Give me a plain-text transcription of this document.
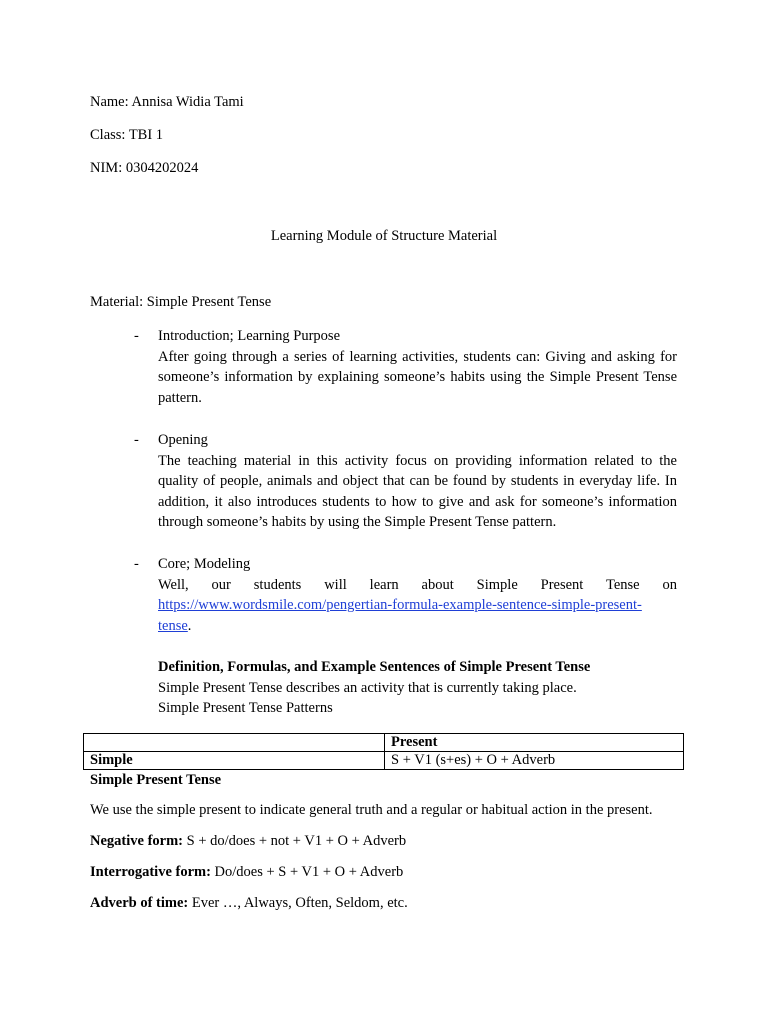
Name: Annisa Widia Tami
Class: TBI 1
NIM: 0304202024
Learning Module of Structure Material
Material: Simple Present Tense
- Introduction; Learning Purpose

After going through a series of learning activities, students can: Giving and asking for someone’s information by explaining someone’s habits using the Simple Present Tense pattern.

- Opening

The teaching material in this activity focus on providing information related to the quality of people, animals and object that can be found by students in everyday life. In addition, it also introduces students to how to give and ask for someone’s information through someone’s habits by using the Simple Present Tense pattern.

- Core; Modeling

Well, our students will learn about Simple Present Tense on

https://www.wordsmile.com/pengertian-formula-example-sentence-simple-present-

tense.

Definition, Formulas, and Example Sentences of Simple Present Tense

Simple Present Tense describes an activity that is currently taking place.

Simple Present Tense Patterns

	Present
Simple	S + V1 (s+es) + O + Adverb
Simple Present Tense
We use the simple present to indicate general truth and a regular or habitual action in the present.
Negative form: S + do/does + not + V1 + O + Adverb
Interrogative form: Do/does + S + V1 + O + Adverb
Adverb of time: Ever …, Always, Often, Seldom, etc.
